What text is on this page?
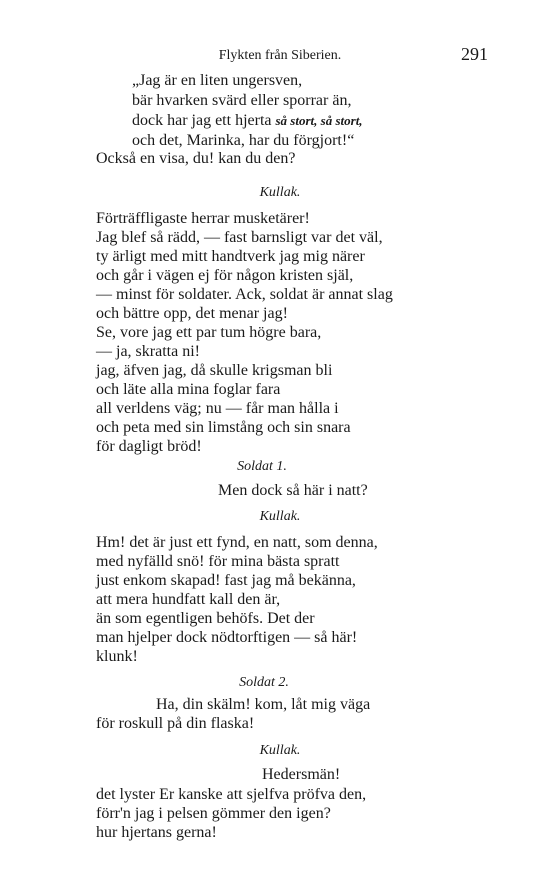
Flykten från Siberien.	291
„Jag är en liten ungersven,
bär hvarken svärd eller sporrar än,
dock har jag ett hjerta så stort, så stort,
och det, Marinka, har du förgjort!“
Också en visa, du! kan du den?
Kullak.
Förträffligaste herrar musketärer!
Jag blef så rädd, — fast barnsligt var det väl,
ty ärligt med mitt handtverk jag mig närer
och går i vägen ej för någon kristen själ,
— minst för soldater. Ack, soldat är annat slag
och bättre opp, det menar jag!
Se, vore jag ett par tum högre bara,
— ja, skratta ni!
jag, äfven jag, då skulle krigsman bli
och läte alla mina foglar fara
all verldens väg; nu — får man hålla i
och peta med sin limstång och sin snara
för dagligt bröd!
Soldat 1.
Men dock så här i natt?
Kullak.
Hm! det är just ett fynd, en natt, som denna,
med nyfälld snö! för mina bästa spratt
just enkom skapad! fast jag må bekänna,
att mera hundfatt kall den är,
än som egentligen behöfs. Det der
man hjelper dock nödtorftigen — så här!
klunk!
Soldat 2.
Ha, din skälm! kom, låt mig väga
för roskull på din flaska!
Kullak.
Hedersmän!
det lyster Er kanske att sjelfva pröfva den,
förr'n jag i pelsen gömmer den igen?
hur hjertans gerna!
